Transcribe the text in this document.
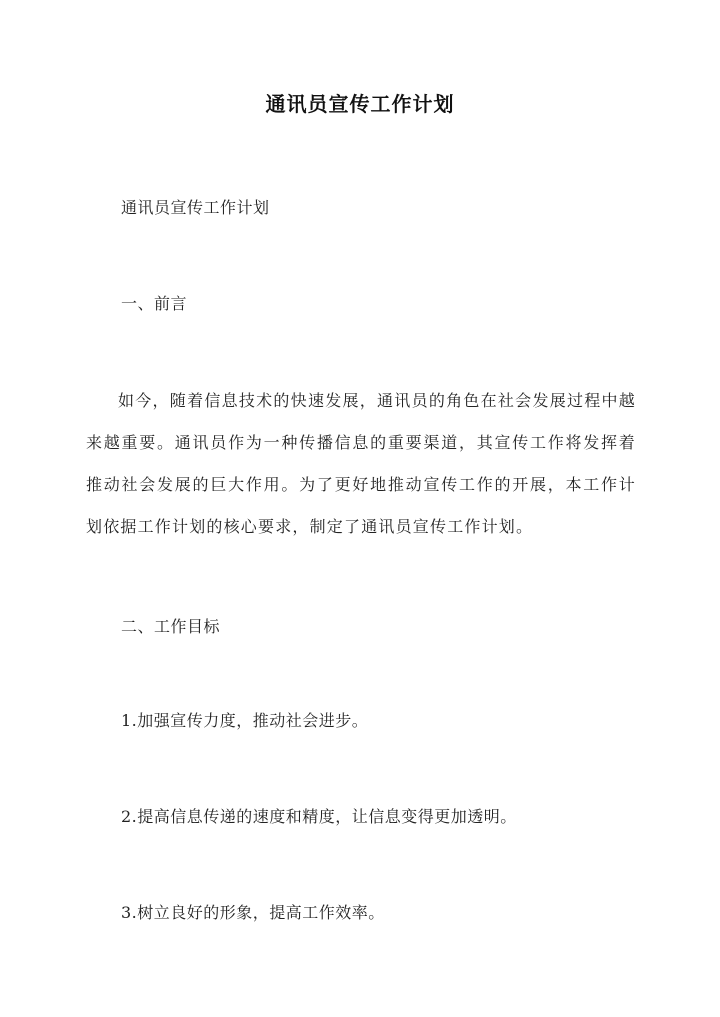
通讯员宣传工作计划
通讯员宣传工作计划
一、前言
如今，随着信息技术的快速发展，通讯员的角色在社会发展过程中越来越重要。通讯员作为一种传播信息的重要渠道，其宣传工作将发挥着推动社会发展的巨大作用。为了更好地推动宣传工作的开展，本工作计划依据工作计划的核心要求，制定了通讯员宣传工作计划。
二、工作目标
1.加强宣传力度，推动社会进步。
2.提高信息传递的速度和精度，让信息变得更加透明。
3.树立良好的形象，提高工作效率。
